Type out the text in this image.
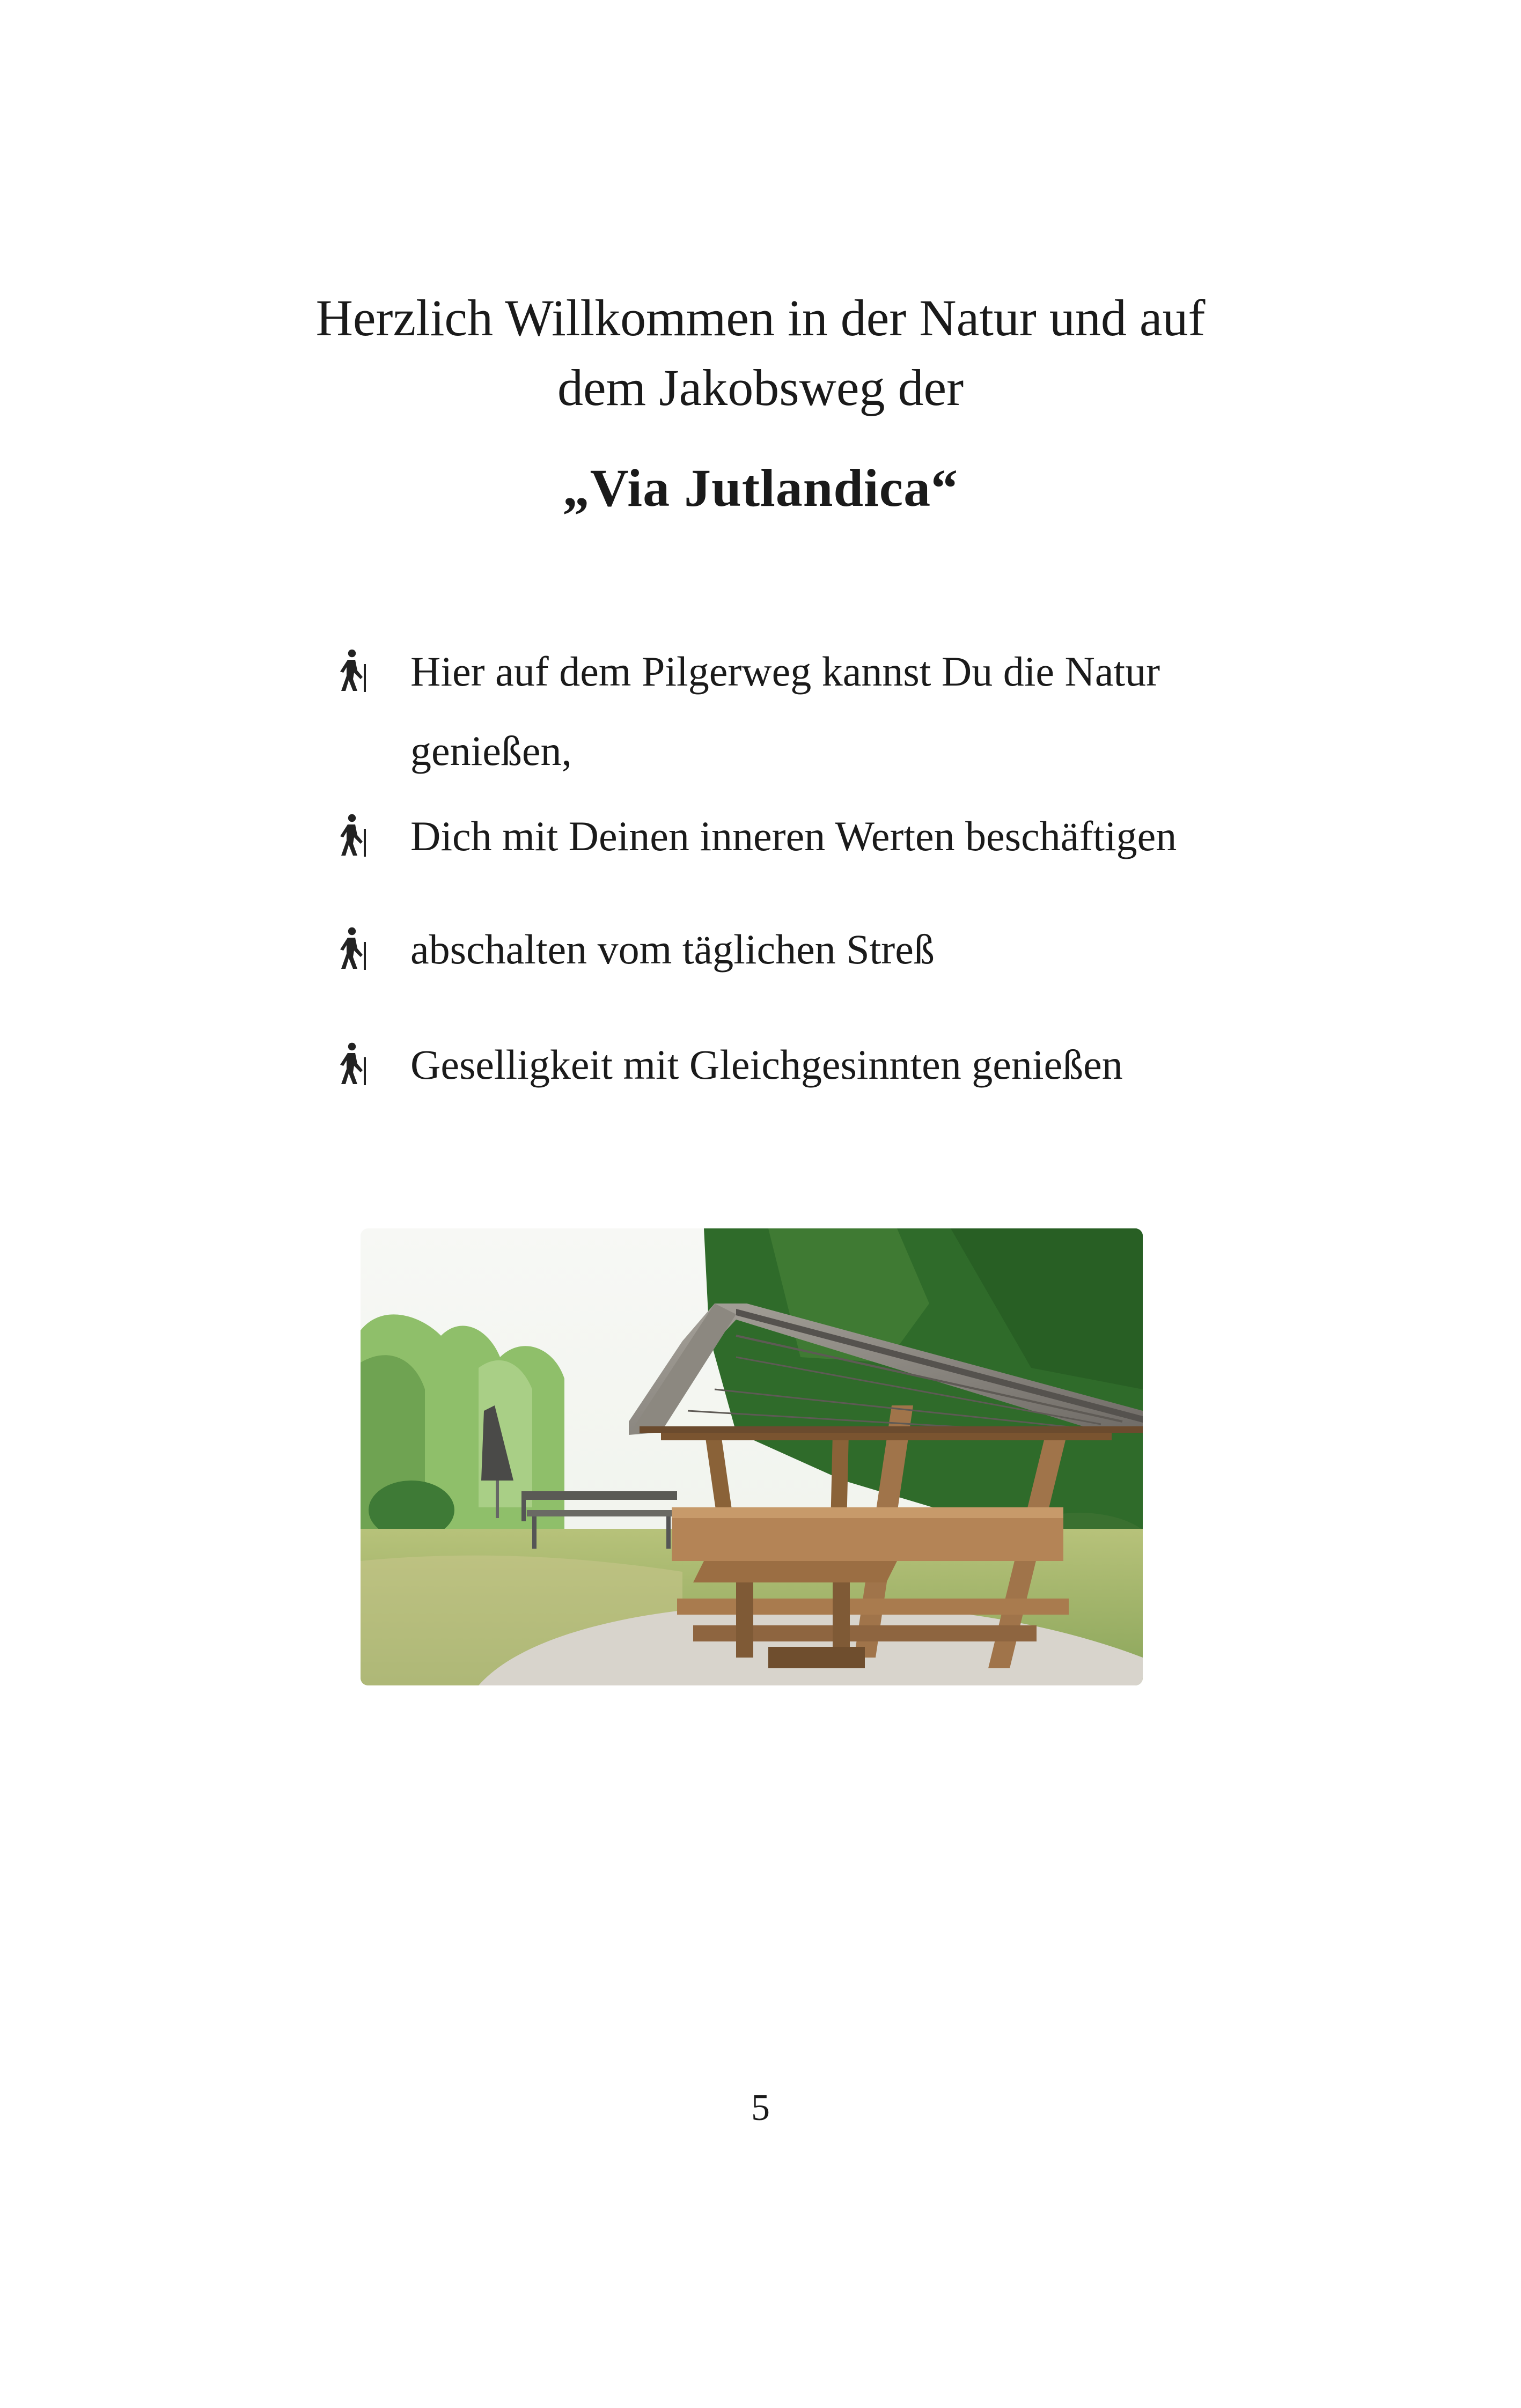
Herzlich Willkommen in der Natur und auf
dem Jakobsweg der
„Via Jutlandica“
Hier auf dem Pilgerweg kannst Du die Natur genießen,
Dich mit Deinen inneren Werten beschäftigen
abschalten vom täglichen Streß
Geselligkeit mit Gleichgesinnten genießen
5
